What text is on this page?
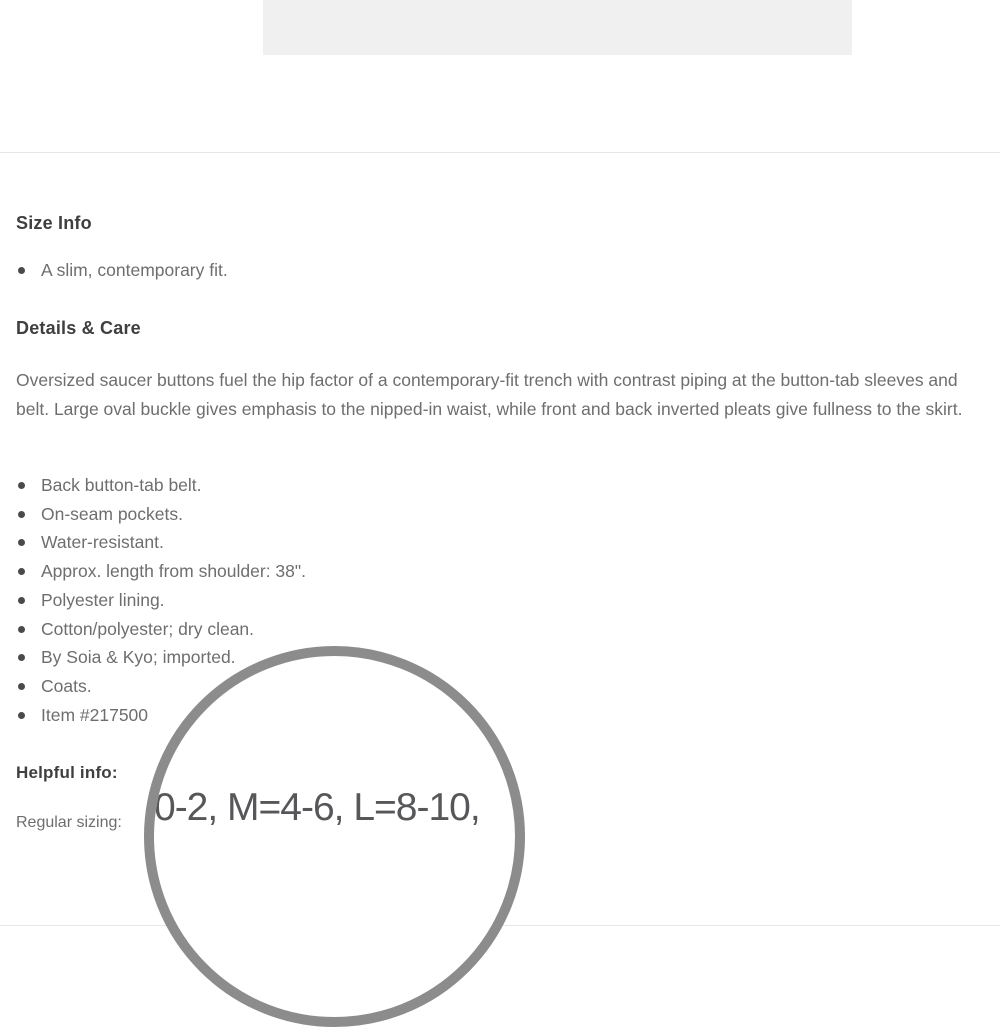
Size Info
A slim, contemporary fit.
Details & Care

Oversized saucer buttons fuel the hip factor of a contemporary-fit trench with contrast piping at the button-tab sleeves and belt. Large oval buckle gives emphasis to the nipped-in waist, while front and back inverted pleats give fullness to the skirt.

Back button-tab belt.
On-seam pockets.
Water-resistant.
Approx. length from shoulder: 38".
Polyester lining.
Cotton/polyester; dry clean.
By Soia & Kyo; imported.
Coats.
Item #217500
Helpful info:
Regular sizing: 0-2, M=4-6, L=8-10,
